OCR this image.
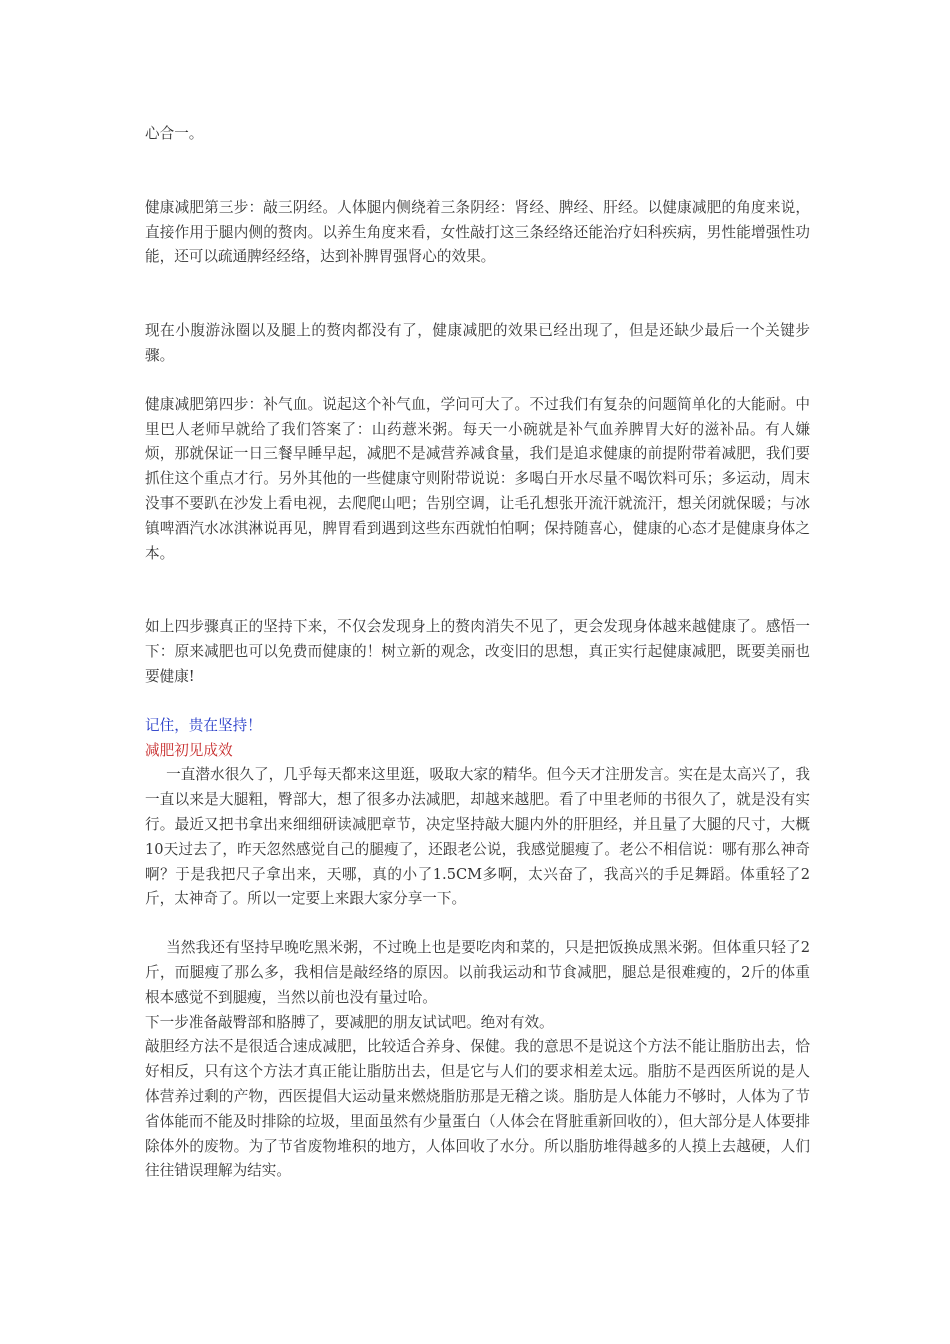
心合一。

健康减肥第三步：敲三阴经。人体腿内侧绕着三条阴经：肾经、脾经、肝经。以健康减肥的角度来说，直接作用于腿内侧的赘肉。以养生角度来看，女性敲打这三条经络还能治疗妇科疾病，男性能增强性功能，还可以疏通脾经经络，达到补脾胃强肾心的效果。

现在小腹游泳圈以及腿上的赘肉都没有了，健康减肥的效果已经出现了，但是还缺少最后一个关键步骤。

健康减肥第四步：补气血。说起这个补气血，学问可大了。不过我们有复杂的问题简单化的大能耐。中里巴人老师早就给了我们答案了：山药薏米粥。每天一小碗就是补气血养脾胃大好的滋补品。有人嫌烦，那就保证一日三餐早睡早起，减肥不是减营养减食量，我们是追求健康的前提附带着减肥，我们要抓住这个重点才行。另外其他的一些健康守则附带说说：多喝白开水尽量不喝饮料可乐；多运动，周末没事不要趴在沙发上看电视，去爬爬山吧；告别空调，让毛孔想张开流汗就流汗，想关闭就保暖；与冰镇啤酒汽水冰淇淋说再见，脾胃看到遇到这些东西就怕怕啊；保持随喜心，健康的心态才是健康身体之本。

如上四步骤真正的坚持下来，不仅会发现身上的赘肉消失不见了，更会发现身体越来越健康了。感悟一下：原来减肥也可以免费而健康的！树立新的观念，改变旧的思想，真正实行起健康减肥，既要美丽也要健康!

记住，贵在坚持！

减肥初见成效

一直潜水很久了，几乎每天都来这里逛，吸取大家的精华。但今天才注册发言。实在是太高兴了，我一直以来是大腿粗，臀部大，想了很多办法减肥，却越来越肥。看了中里老师的书很久了，就是没有实行。最近又把书拿出来细细研读减肥章节，决定坚持敲大腿内外的肝胆经，并且量了大腿的尺寸，大概10天过去了，昨天忽然感觉自己的腿瘦了，还跟老公说，我感觉腿瘦了。老公不相信说：哪有那么神奇啊？于是我把尺子拿出来，天哪，真的小了1.5CM多啊，太兴奋了，我高兴的手足舞蹈。体重轻了2斤，太神奇了。所以一定要上来跟大家分享一下。

当然我还有坚持早晚吃黑米粥，不过晚上也是要吃肉和菜的，只是把饭换成黑米粥。但体重只轻了2斤，而腿瘦了那么多，我相信是敲经络的原因。以前我运动和节食减肥，腿总是很难瘦的，2斤的体重根本感觉不到腿瘦，当然以前也没有量过哈。

下一步准备敲臀部和胳膊了，要减肥的朋友试试吧。绝对有效。

敲胆经方法不是很适合速成减肥，比较适合养身、保健。我的意思不是说这个方法不能让脂肪出去，恰好相反，只有这个方法才真正能让脂肪出去，但是它与人们的要求相差太远。脂肪不是西医所说的是人体营养过剩的产物，西医提倡大运动量来燃烧脂肪那是无稽之谈。脂肪是人体能力不够时，人体为了节省体能而不能及时排除的垃圾，里面虽然有少量蛋白（人体会在肾脏重新回收的），但大部分是人体要排除体外的废物。为了节省废物堆积的地方，人体回收了水分。所以脂肪堆得越多的人摸上去越硬，人们往往错误理解为结实。
